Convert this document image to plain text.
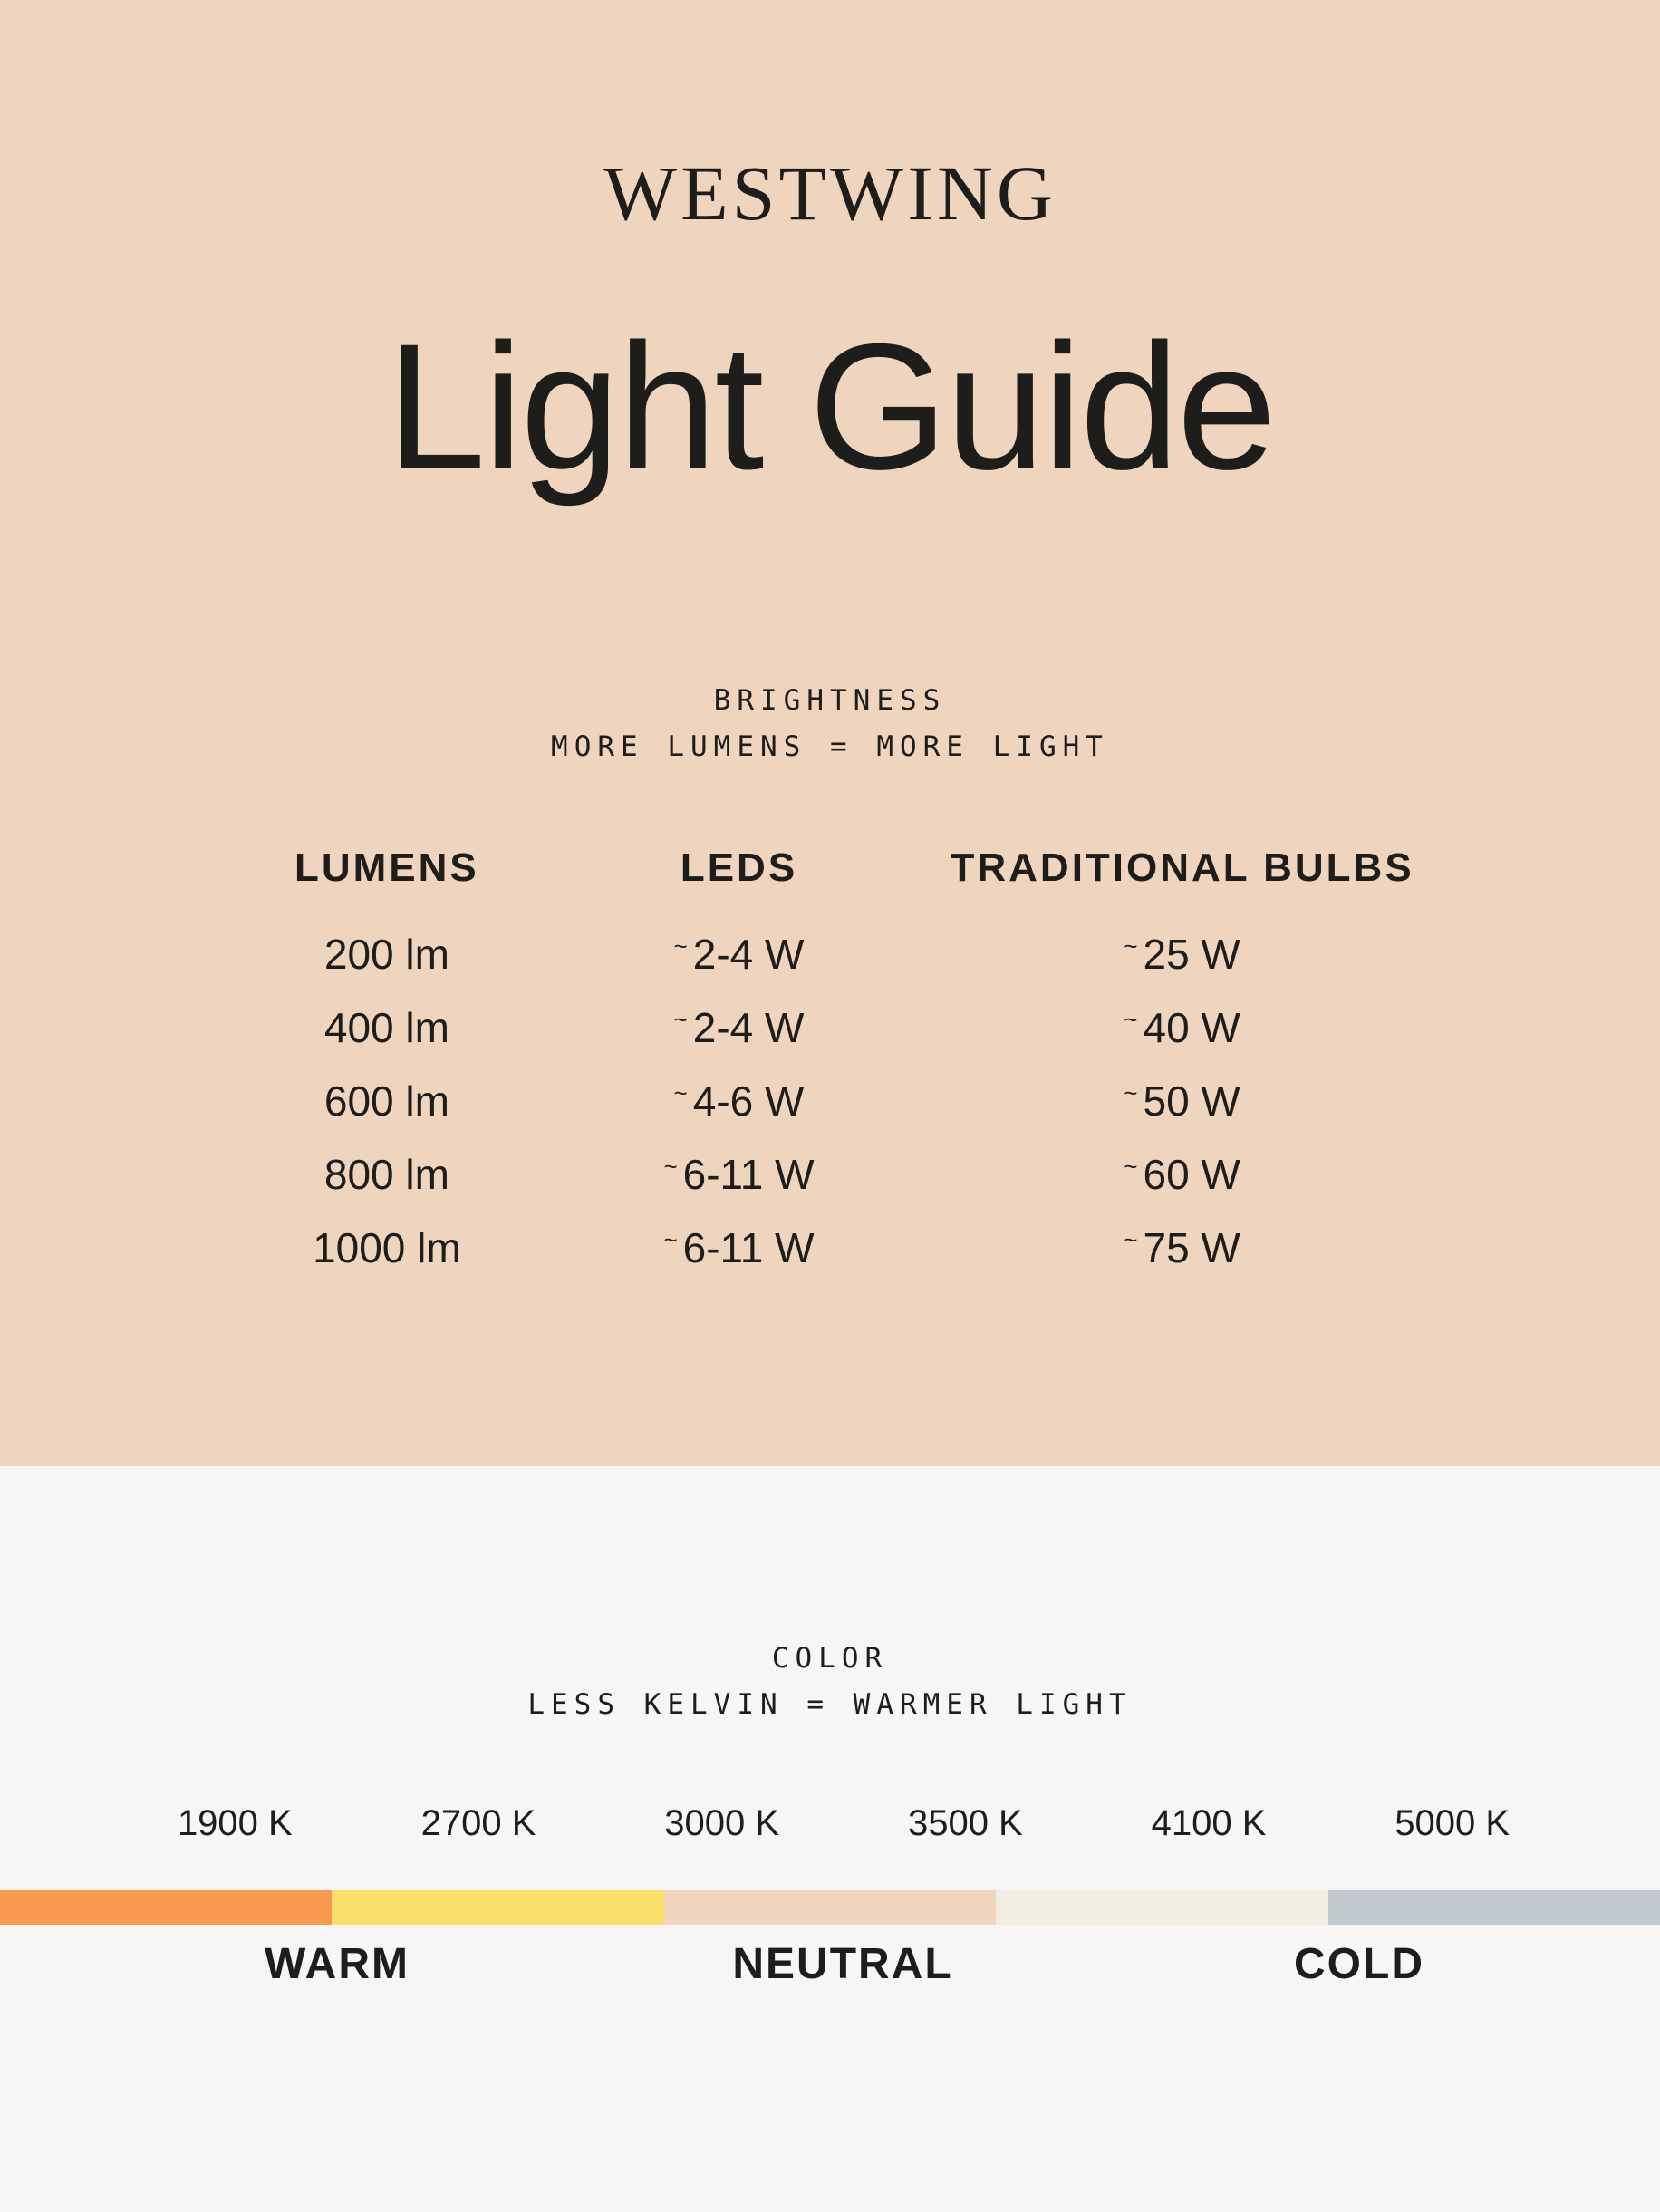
WESTWING
Light Guide
BRIGHTNESS
MORE LUMENS = MORE LIGHT
LUMENS	LEDS	TRADITIONAL BULBS
200 lm	~ 2-4 W	~ 25 W
400 lm	~ 2-4 W	~ 40 W
600 lm	~ 4-6 W	~ 50 W
800 lm	~ 6-11 W	~ 60 W
1000 lm	~ 6-11 W	~ 75 W
COLOR
LESS KELVIN = WARMER LIGHT
1900 K	2700 K	3000 K	3500 K	4100 K	5000 K
WARM	NEUTRAL	COLD
